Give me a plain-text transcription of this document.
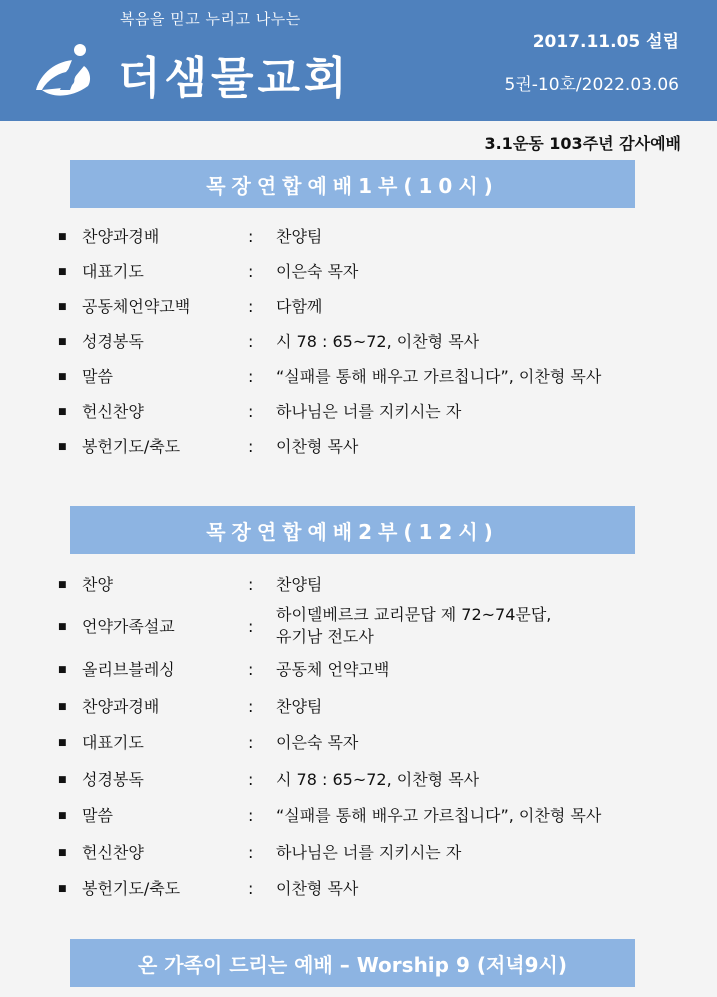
복음을 믿고 누리고 나누는
더샘물교회
2017.11.05 설립
5권-10호/2022.03.06
3.1운동 103주년 감사예배
목장연합예배1부(10시)
■ 찬양과경배	: 찬양팀
■ 대표기도	: 이은숙 목자
■ 공동체언약고백	: 다함께
■ 성경봉독	: 시 78 : 65~72, 이찬형 목사
■ 말씀	: “실패를 통해 배우고 가르칩니다”, 이찬형 목사
■ 헌신찬양	: 하나님은 너를 지키시는 자
■ 봉헌기도/축도	: 이찬형 목사
목장연합예배2부(12시)
■ 찬양	: 찬양팀
■ 언약가족설교	:
하이델베르크 교리문답 제 72~74문답,
유기남 전도사
■ 올리브블레싱	: 공동체 언약고백
■ 찬양과경배	: 찬양팀
■ 대표기도	: 이은숙 목자
■ 성경봉독	: 시 78 : 65~72, 이찬형 목사
■ 말씀	: “실패를 통해 배우고 가르칩니다”, 이찬형 목사
■ 헌신찬양	: 하나님은 너를 지키시는 자
■ 봉헌기도/축도	: 이찬형 목사
온 가족이 드리는 예배 – Worship 9 (저녁9시)
